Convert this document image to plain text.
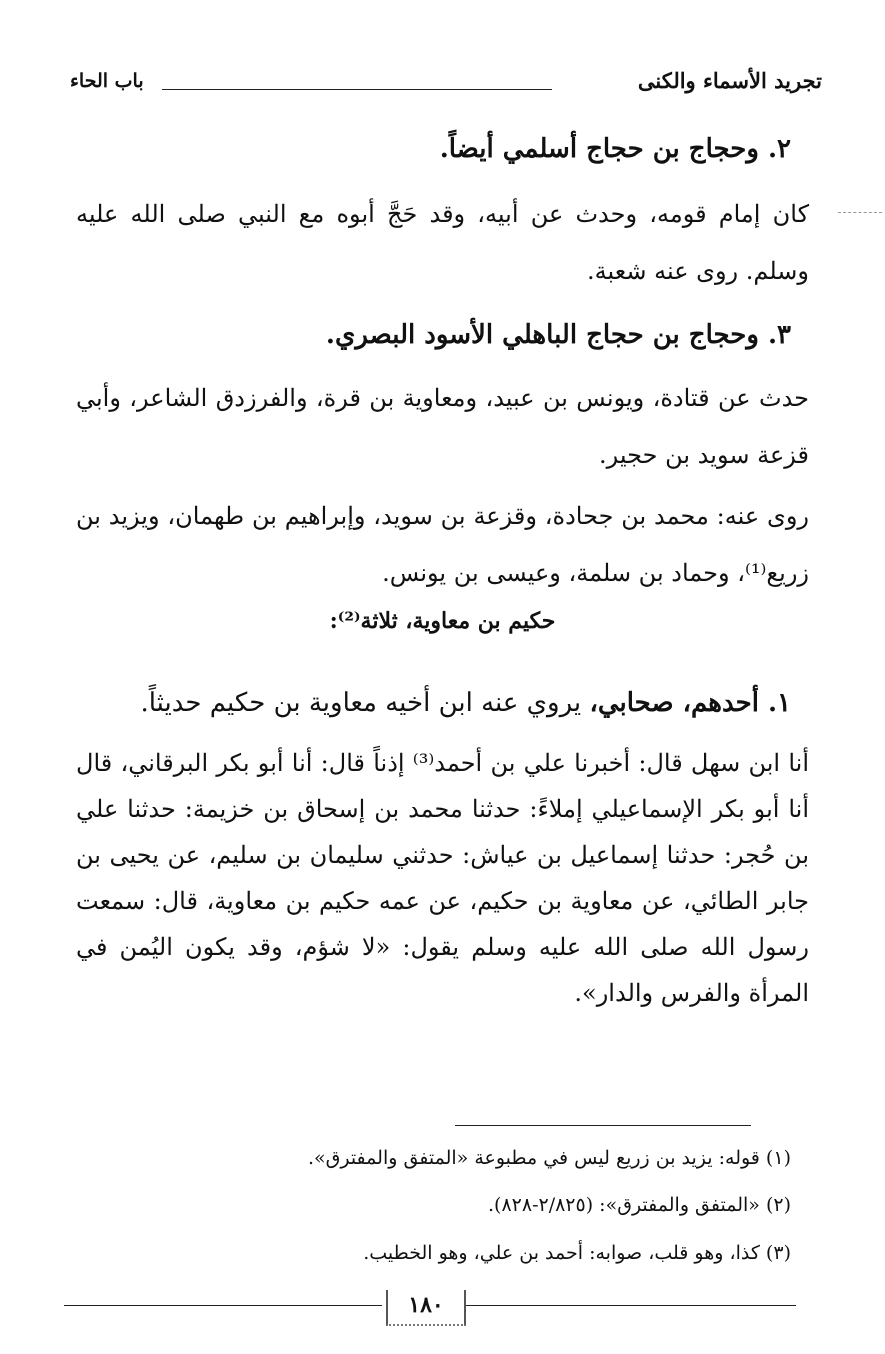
تجريد الأسماء والكنى
باب الحاء
٢. وحجاج بن حجاج أسلمي أيضاً.
كان إمام قومه، وحدث عن أبيه، وقد حَجَّ أبوه مع النبي صلى الله عليه وسلم. روى عنه شعبة.
٣. وحجاج بن حجاج الباهلي الأسود البصري.
حدث عن قتادة، ويونس بن عبيد، ومعاوية بن قرة، والفرزدق الشاعر، وأبي قزعة سويد بن حجير.
روى عنه: محمد بن جحادة، وقزعة بن سويد، وإبراهيم بن طهمان، ويزيد بن زريع⁽¹⁾، وحماد بن سلمة، وعيسى بن يونس.
حكيم بن معاوية، ثلاثة⁽²⁾:
١. أحدهم، صحابي، يروي عنه ابن أخيه معاوية بن حكيم حديثاً.
أنا ابن سهل قال: أخبرنا علي بن أحمد⁽³⁾ إذناً قال: أنا أبو بكر البرقاني، قال أنا أبو بكر الإسماعيلي إملاءً: حدثنا محمد بن إسحاق بن خزيمة: حدثنا علي بن حُجر: حدثنا إسماعيل بن عياش: حدثني سليمان بن سليم، عن يحيى بن جابر الطائي، عن معاوية بن حكيم، عن عمه حكيم بن معاوية، قال: سمعت رسول الله صلى الله عليه وسلم يقول: «لا شؤم، وقد يكون اليُمن في المرأة والفرس والدار».
(١) قوله: يزيد بن زريع ليس في مطبوعة «المتفق والمفترق».
(٢) «المتفق والمفترق»: (٢/٨٢٥-٨٢٨).
(٣) كذا، وهو قلب، صوابه: أحمد بن علي، وهو الخطيب.
١٨٠
